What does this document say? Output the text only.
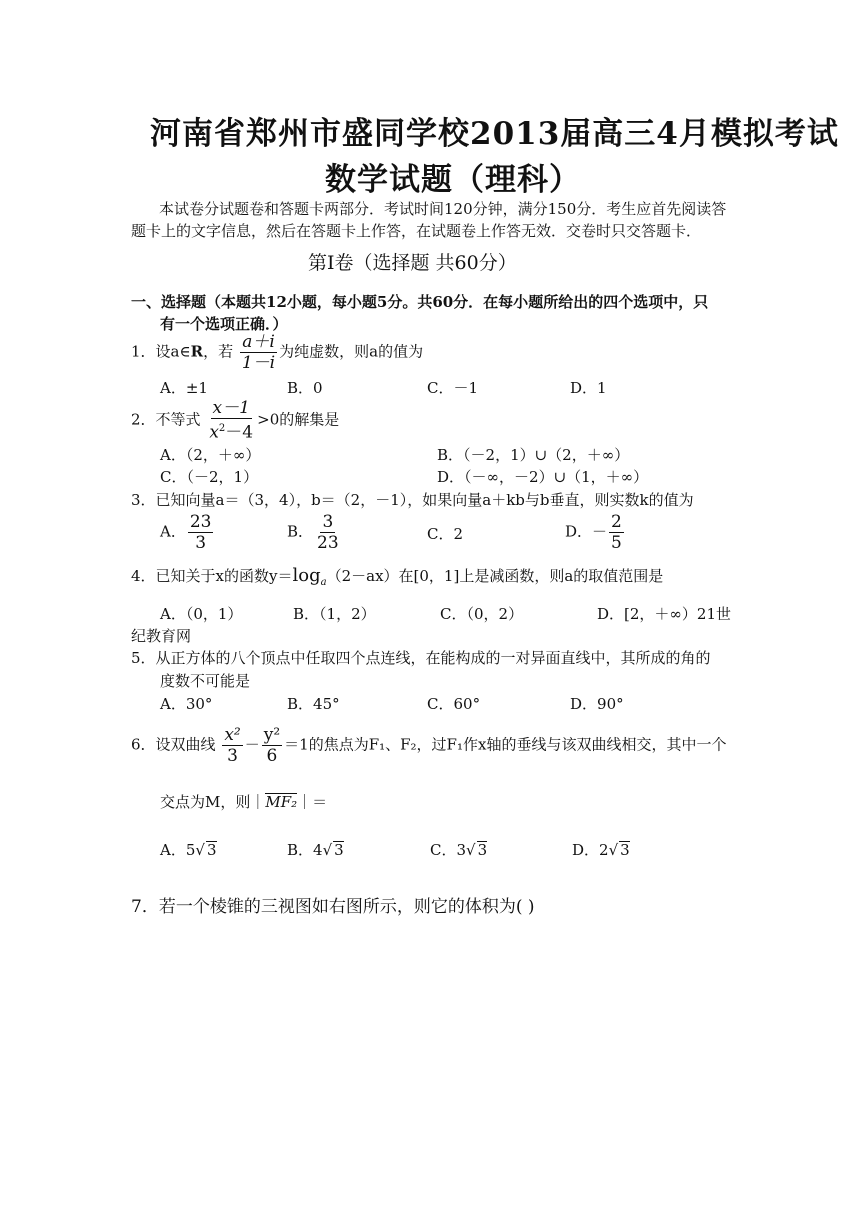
河南省郑州市盛同学校2013届高三4月模拟考试
数学试题（理科）
本试卷分试题卷和答题卡两部分．考试时间120分钟，满分150分．考生应首先阅读答
题卡上的文字信息，然后在答题卡上作答，在试题卷上作答无效．交卷时只交答题卡．
第Ⅰ卷（选择题 共60分）
一、选择题（本题共12小题，每小题5分。共60分．在每小题所给出的四个选项中，只
有一个选项正确．）
1．设a∈R，若 $\frac{a+i}{1-i}$ 为纯虚数，则a的值为
A．±1	B．0	C．－1	D．1
2．不等式 $\frac{x-1}{x^2-4} >0$的解集是
A．（2，＋∞）	B．（－2，1）∪（2，＋∞）
C．（－2，1）	D．（－∞，－2）∪（1，＋∞）
3．已知向量a＝（3，4），b＝（2，－1），如果向量a＋kb与b垂直，则实数k的值为
A． $\frac{23}{3}$	B． $\frac{3}{23}$	C．2	D．－ $\frac{2}{5}$
4．已知关于x的函数$y=\log_a(2-ax)$在[0，1]上是减函数，则a的取值范围是
A．（0，1）	B．（1，2）	C．（0，2）	D．[2，＋∞）21世
纪教育网
5．从正方体的八个顶点中任取四个点连线，在能构成的一对异面直线中，其所成的角的
度数不可能是
A．30°	B．45°	C．60°	D．90°
6．设双曲线 $\frac{\text{x²}}{3} - \frac{\text{y²}}{6} =1$的焦点为F₁、F₂，过F₁作x轴的垂线与该双曲线相交，其中一个
交点为M，则｜MF₂｜＝
A．5√ 3	B．4√ 3	C．3√ 3	D．2√ 3
7．若一个棱锥的三视图如右图所示，则它的体积为( )
